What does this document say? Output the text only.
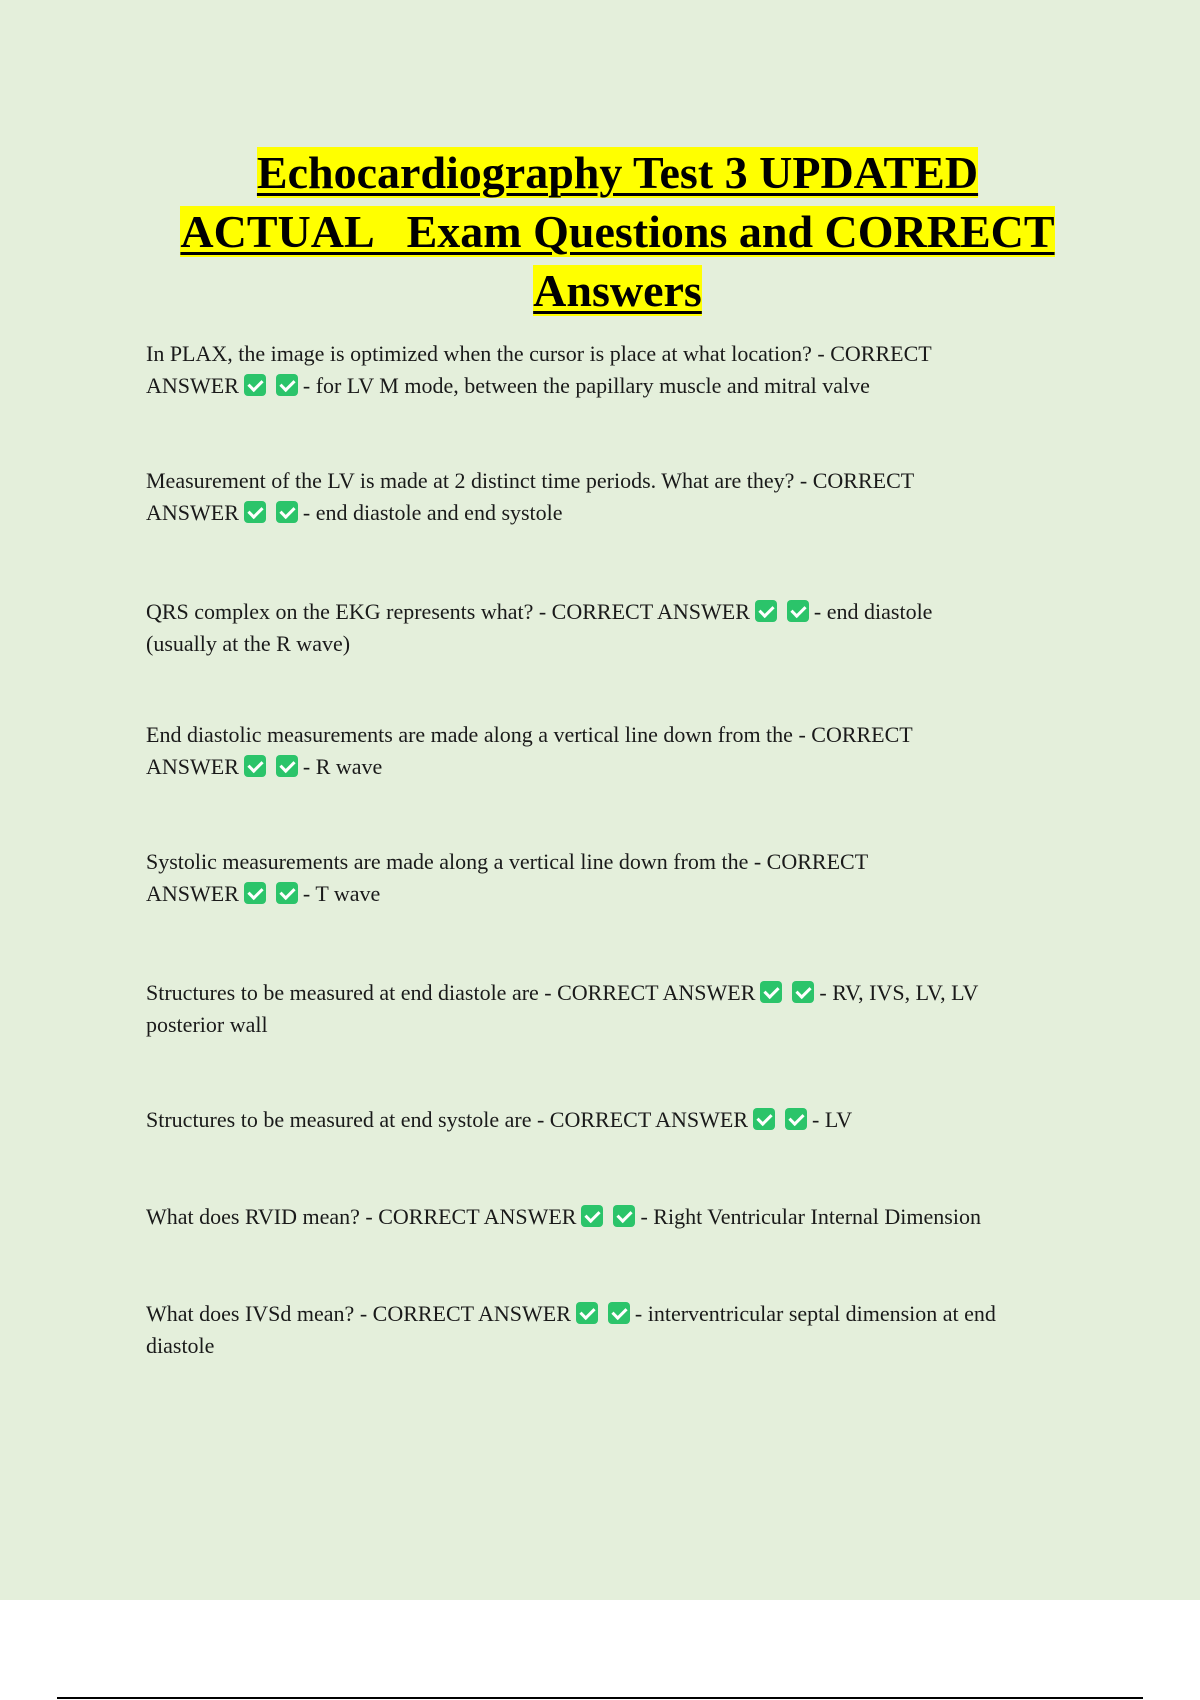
Echocardiography Test 3 UPDATED
ACTUAL   Exam Questions and CORRECT
Answers
In PLAX, the image is optimized when the cursor is place at what location? - CORRECT
ANSWER	- for LV M mode, between the papillary muscle and mitral valve
Measurement of the LV is made at 2 distinct time periods. What are they? - CORRECT
ANSWER	- end diastole and end systole
QRS complex on the EKG represents what? - CORRECT ANSWER	- end diastole
(usually at the R wave)
End diastolic measurements are made along a vertical line down from the - CORRECT
ANSWER	- R wave
Systolic measurements are made along a vertical line down from the - CORRECT
ANSWER	- T wave
Structures to be measured at end diastole are - CORRECT ANSWER	- RV, IVS, LV, LV
posterior wall
Structures to be measured at end systole are - CORRECT ANSWER	- LV
What does RVID mean? - CORRECT ANSWER	- Right Ventricular Internal Dimension
What does IVSd mean? - CORRECT ANSWER	- interventricular septal dimension at end
diastole
